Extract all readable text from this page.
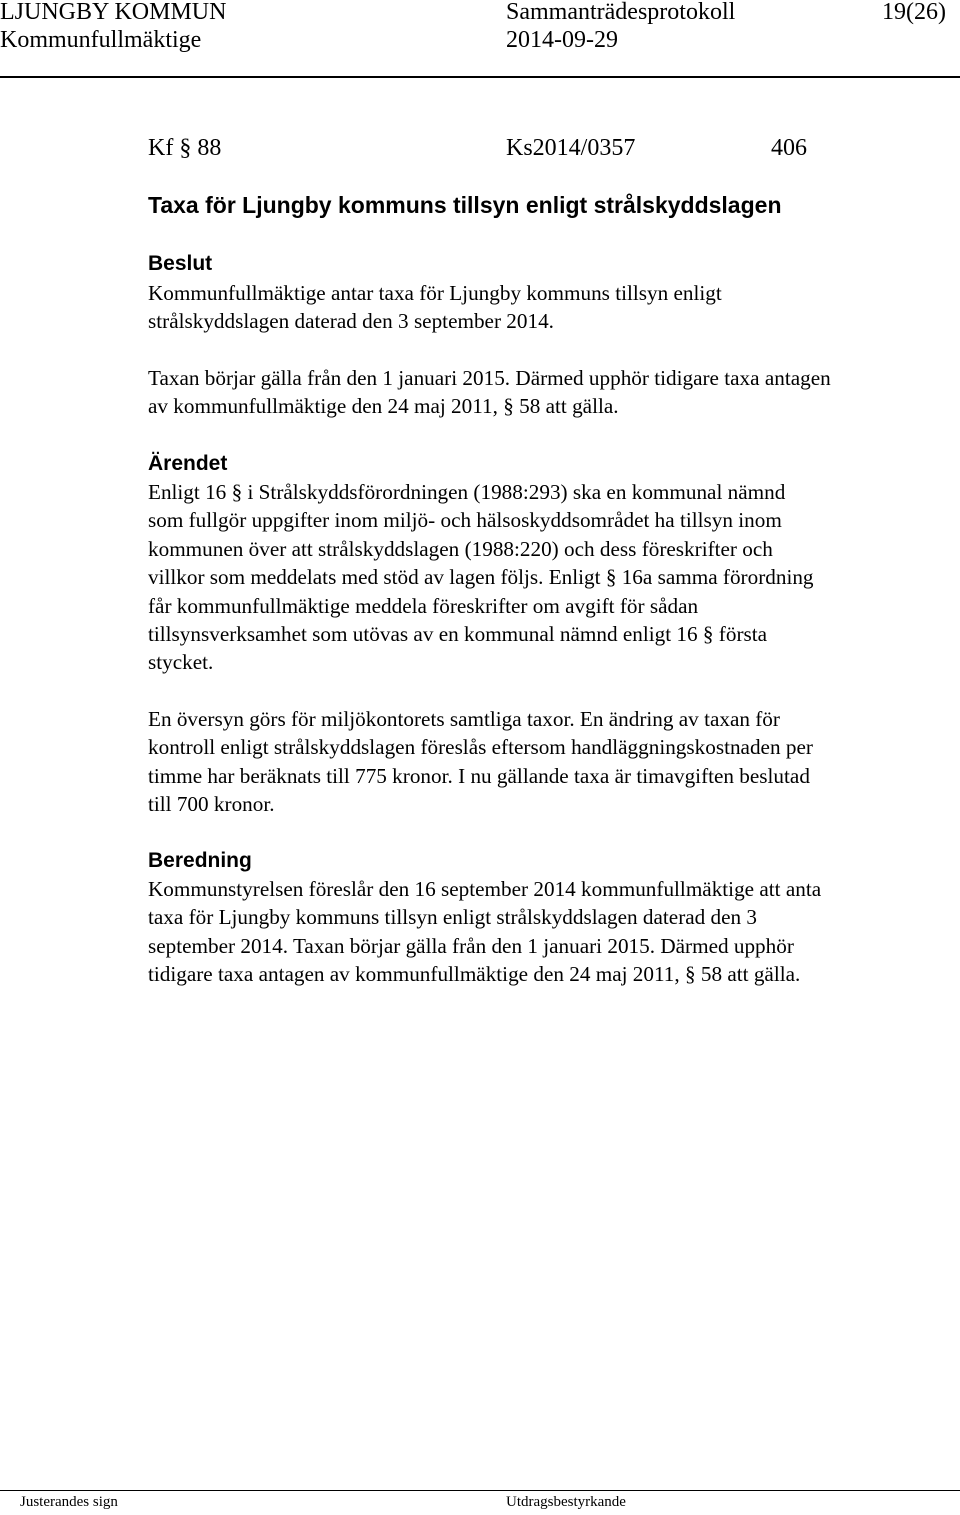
LJUNGBY KOMMUN
Kommunfullmäktige
Sammanträdesprotokoll
2014-09-29
19(26)
Kf § 88	Ks2014/0357	406
Taxa för Ljungby kommuns tillsyn enligt strålskyddslagen
Beslut
Kommunfullmäktige antar taxa för Ljungby kommuns tillsyn enligt
strålskyddslagen daterad den 3 september 2014.
Taxan börjar gälla från den 1 januari 2015. Därmed upphör tidigare taxa antagen
av kommunfullmäktige den 24 maj 2011, § 58 att gälla.
Ärendet
Enligt 16 § i Strålskyddsförordningen (1988:293) ska en kommunal nämnd
som fullgör uppgifter inom miljö- och hälsoskyddsområdet ha tillsyn inom
kommunen över att strålskyddslagen (1988:220) och dess föreskrifter och
villkor som meddelats med stöd av lagen följs. Enligt § 16a samma förordning
får kommunfullmäktige meddela föreskrifter om avgift för sådan
tillsynsverksamhet som utövas av en kommunal nämnd enligt 16 § första
stycket.
En översyn görs för miljökontorets samtliga taxor. En ändring av taxan för
kontroll enligt strålskyddslagen föreslås eftersom handläggningskostnaden per
timme har beräknats till 775 kronor. I nu gällande taxa är timavgiften beslutad
till 700 kronor.
Beredning
Kommunstyrelsen föreslår den 16 september 2014 kommunfullmäktige att anta
taxa för Ljungby kommuns tillsyn enligt strålskyddslagen daterad den 3
september 2014. Taxan börjar gälla från den 1 januari 2015. Därmed upphör
tidigare taxa antagen av kommunfullmäktige den 24 maj 2011, § 58 att gälla.
Justerandes sign	Utdragsbestyrkande
